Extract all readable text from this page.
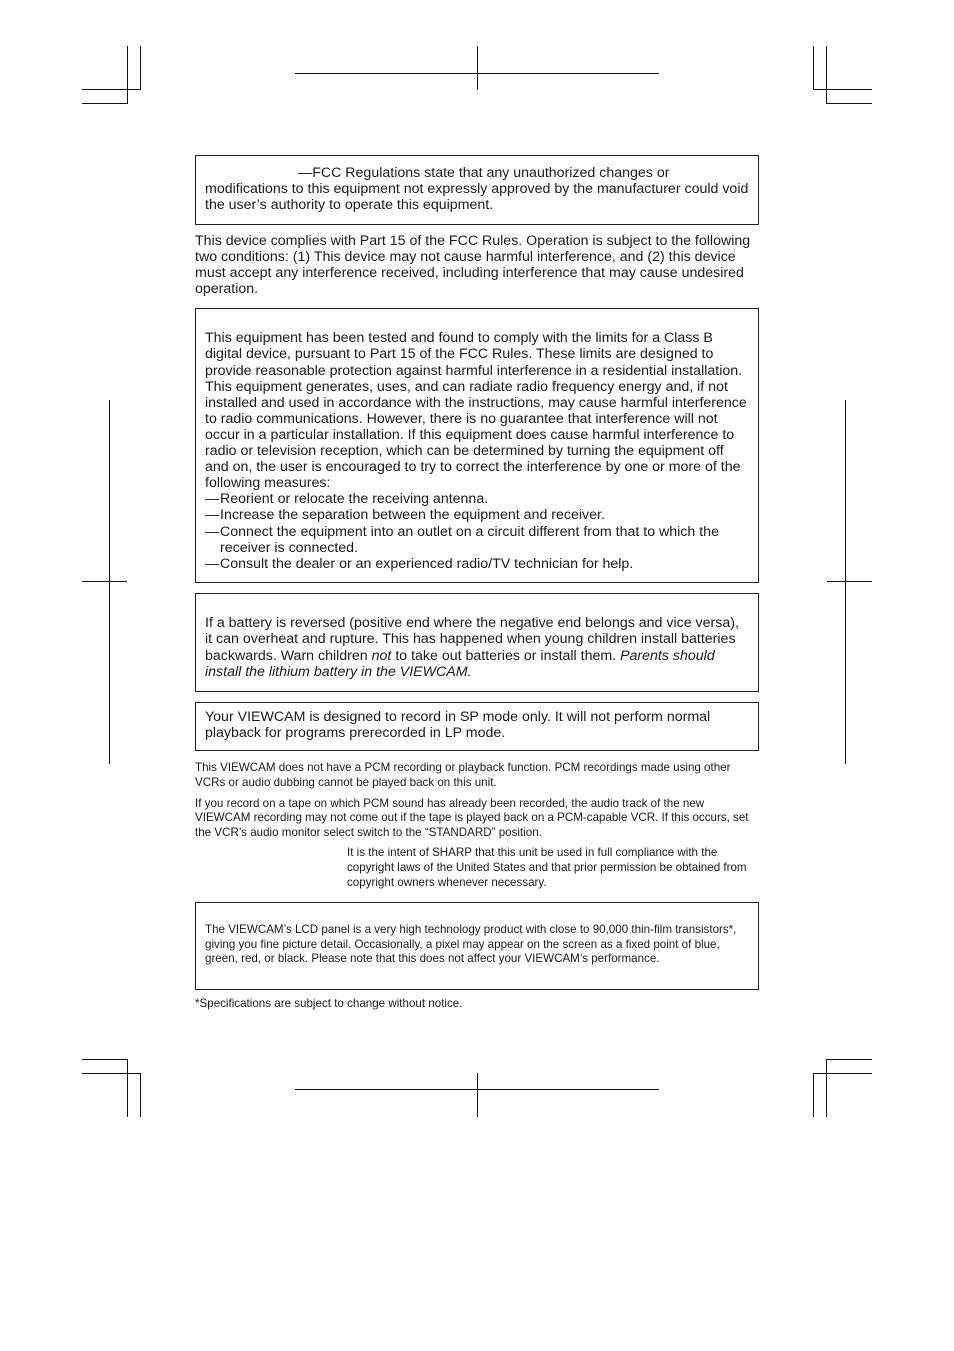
—FCC Regulations state that any unauthorized changes or modifications to this equipment not expressly approved by the manufacturer could void the user’s authority to operate this equipment.

This device complies with Part 15 of the FCC Rules. Operation is subject to the following two conditions: (1) This device may not cause harmful interference, and (2) this device must accept any interference received, including interference that may cause undesired operation.

This equipment has been tested and found to comply with the limits for a Class B digital device, pursuant to Part 15 of the FCC Rules. These limits are designed to provide reasonable protection against harmful interference in a residential installation. This equipment generates, uses, and can radiate radio frequency energy and, if not installed and used in accordance with the instructions, may cause harmful interference to radio communications. However, there is no guarantee that interference will not occur in a particular installation. If this equipment does cause harmful interference to radio or television reception, which can be determined by turning the equipment off and on, the user is encouraged to try to correct the interference by one or more of the following measures:

— Reorient or relocate the receiving antenna.
— Increase the separation between the equipment and receiver.
— Connect the equipment into an outlet on a circuit different from that to which the receiver is connected.
— Consult the dealer or an experienced radio/TV technician for help.

If a battery is reversed (positive end where the negative end belongs and vice versa), it can overheat and rupture. This has happened when young children install batteries backwards. Warn children not to take out batteries or install them. Parents should install the lithium battery in the VIEWCAM.

Your VIEWCAM is designed to record in SP mode only. It will not perform normal playback for programs prerecorded in LP mode.

This VIEWCAM does not have a PCM recording or playback function. PCM recordings made using other VCRs or audio dubbing cannot be played back on this unit.

If you record on a tape on which PCM sound has already been recorded, the audio track of the new VIEWCAM recording may not come out if the tape is played back on a PCM-capable VCR. If this occurs, set the VCR’s audio monitor select switch to the “STANDARD” position.

It is the intent of SHARP that this unit be used in full compliance with the copyright laws of the United States and that prior permission be obtained from copyright owners whenever necessary.

The VIEWCAM’s LCD panel is a very high technology product with close to 90,000 thin-film transistors*, giving you fine picture detail. Occasionally, a pixel may appear on the screen as a fixed point of blue, green, red, or black. Please note that this does not affect your VIEWCAM’s performance.

*Specifications are subject to change without notice.
